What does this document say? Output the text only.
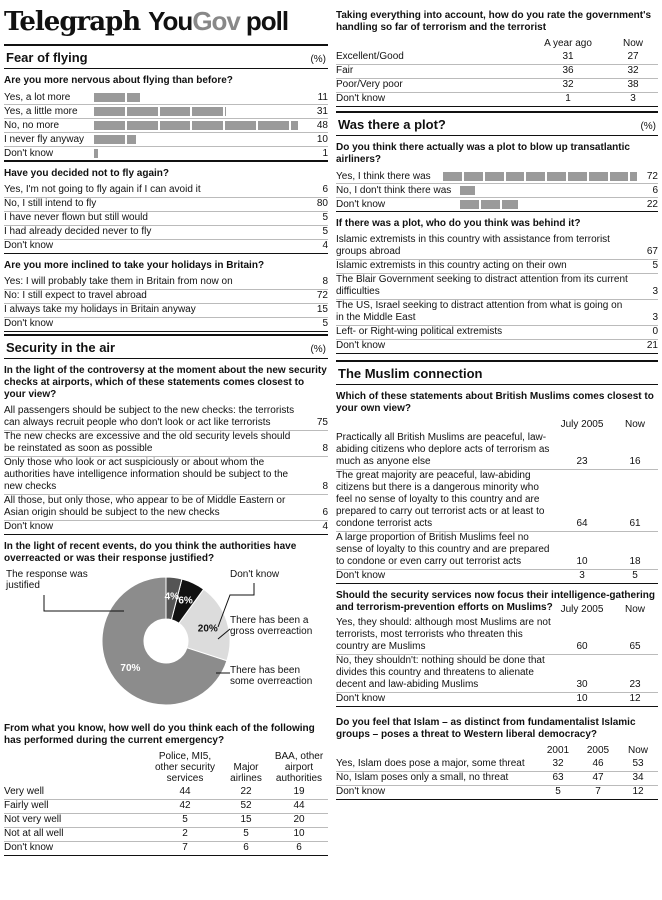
Telegraph You Gov poll
Fear of flying	(%)
Are you more nervous about flying than before?
Yes, a lot more	11
Yes, a little more	31
No, no more	48
I never fly anyway	10
Don't know	1
Have you decided not to fly again?
Yes, I'm not going to fly again if I can avoid it	6
No, I still intend to fly	80
I have never flown but still would	5
I had already decided never to fly	5
Don't know	4
Are you more inclined to take your holidays in Britain?
Yes: I will probably take them in Britain from now on	8
No: I still expect to travel abroad	72
I always take my holidays in Britain anyway	15
Don't know	5
Security in the air	(%)
In the light of the controversy at the moment about the new security checks at airports, which of these statements comes closest to your view?
All passengers should be subject to the new checks: the terrorists can always recruit people who don't look or act like terrorists	75
The new checks are excessive and the old security levels should be reinstated as soon as possible	8
Only those who look or act suspiciously or about whom the authorities have intelligence information should be subject to the new checks	8
All those, but only those, who appear to be of Middle Eastern or Asian origin should be subject to the new checks	6
Don't know	4
In the light of recent events, do you think the authorities have overreacted or was their response justified?
The response was justified
Don't know
There has been a gross overreaction
There has been some overreaction
70%
4% 6%
20%
From what you know, how well do you think each of the following has performed during the current emergency?
Police, MI5, other security services
Major airlines
BAA, other airport authorities
Very well	44	22	19
Fairly well	42	52	44
Not very well	5	15	20
Not at all well	2	5	10
Don't know	7	6	6
Taking everything into account, how do you rate the government's handling so far of terrorism and the terrorist
A year ago	Now
Excellent/Good	31	27
Fair	36	32
Poor/Very poor	32	38
Don't know	1	3
Was there a plot?	(%)
Do you think there actually was a plot to blow up transatlantic airliners?
Yes, I think there was	72
No, I don't think there was	6
Don't know	22
If there was a plot, who do you think was behind it?
Islamic extremists in this country with assistance from terrorist groups abroad	67
Islamic extremists in this country acting on their own	5
The Blair Government seeking to distract attention from its current difficulties	3
The US, Israel seeking to distract attention from what is going on in the Middle East	3
Left- or Right-wing political extremists	0
Don't know	21
The Muslim connection
Which of these statements about British Muslims comes closest to your own view?
July 2005	Now
Practically all British Muslims are peaceful, law-abiding citizens who deplore acts of terrorism as much as anyone else	23	16
The great majority are peaceful, law-abiding citizens but there is a dangerous minority who feel no sense of loyalty to this country and are prepared to carry out terrorist acts or at least to condone terrorist acts	64	61
A large proportion of British Muslims feel no sense of loyalty to this country and are prepared to condone or even carry out terrorist acts	10	18
Don't know	3	5
Should the security services now focus their intelligence-gathering and terrorism-prevention efforts on Muslims? July 2005	Now
Yes, they should: although most Muslims are not terrorists, most terrorists who threaten this country are Muslims	60	65
No, they shouldn't: nothing should be done that divides this country and threatens to alienate decent and law-abiding Muslims	30	23
Don't know	10	12
Do you feel that Islam – as distinct from fundamentalist Islamic groups – poses a threat to Western liberal democracy?
2001	2005	Now
Yes, Islam does pose a major, some threat	32	46	53
No, Islam poses only a small, no threat	63	47	34
Don't know	5	7	12
